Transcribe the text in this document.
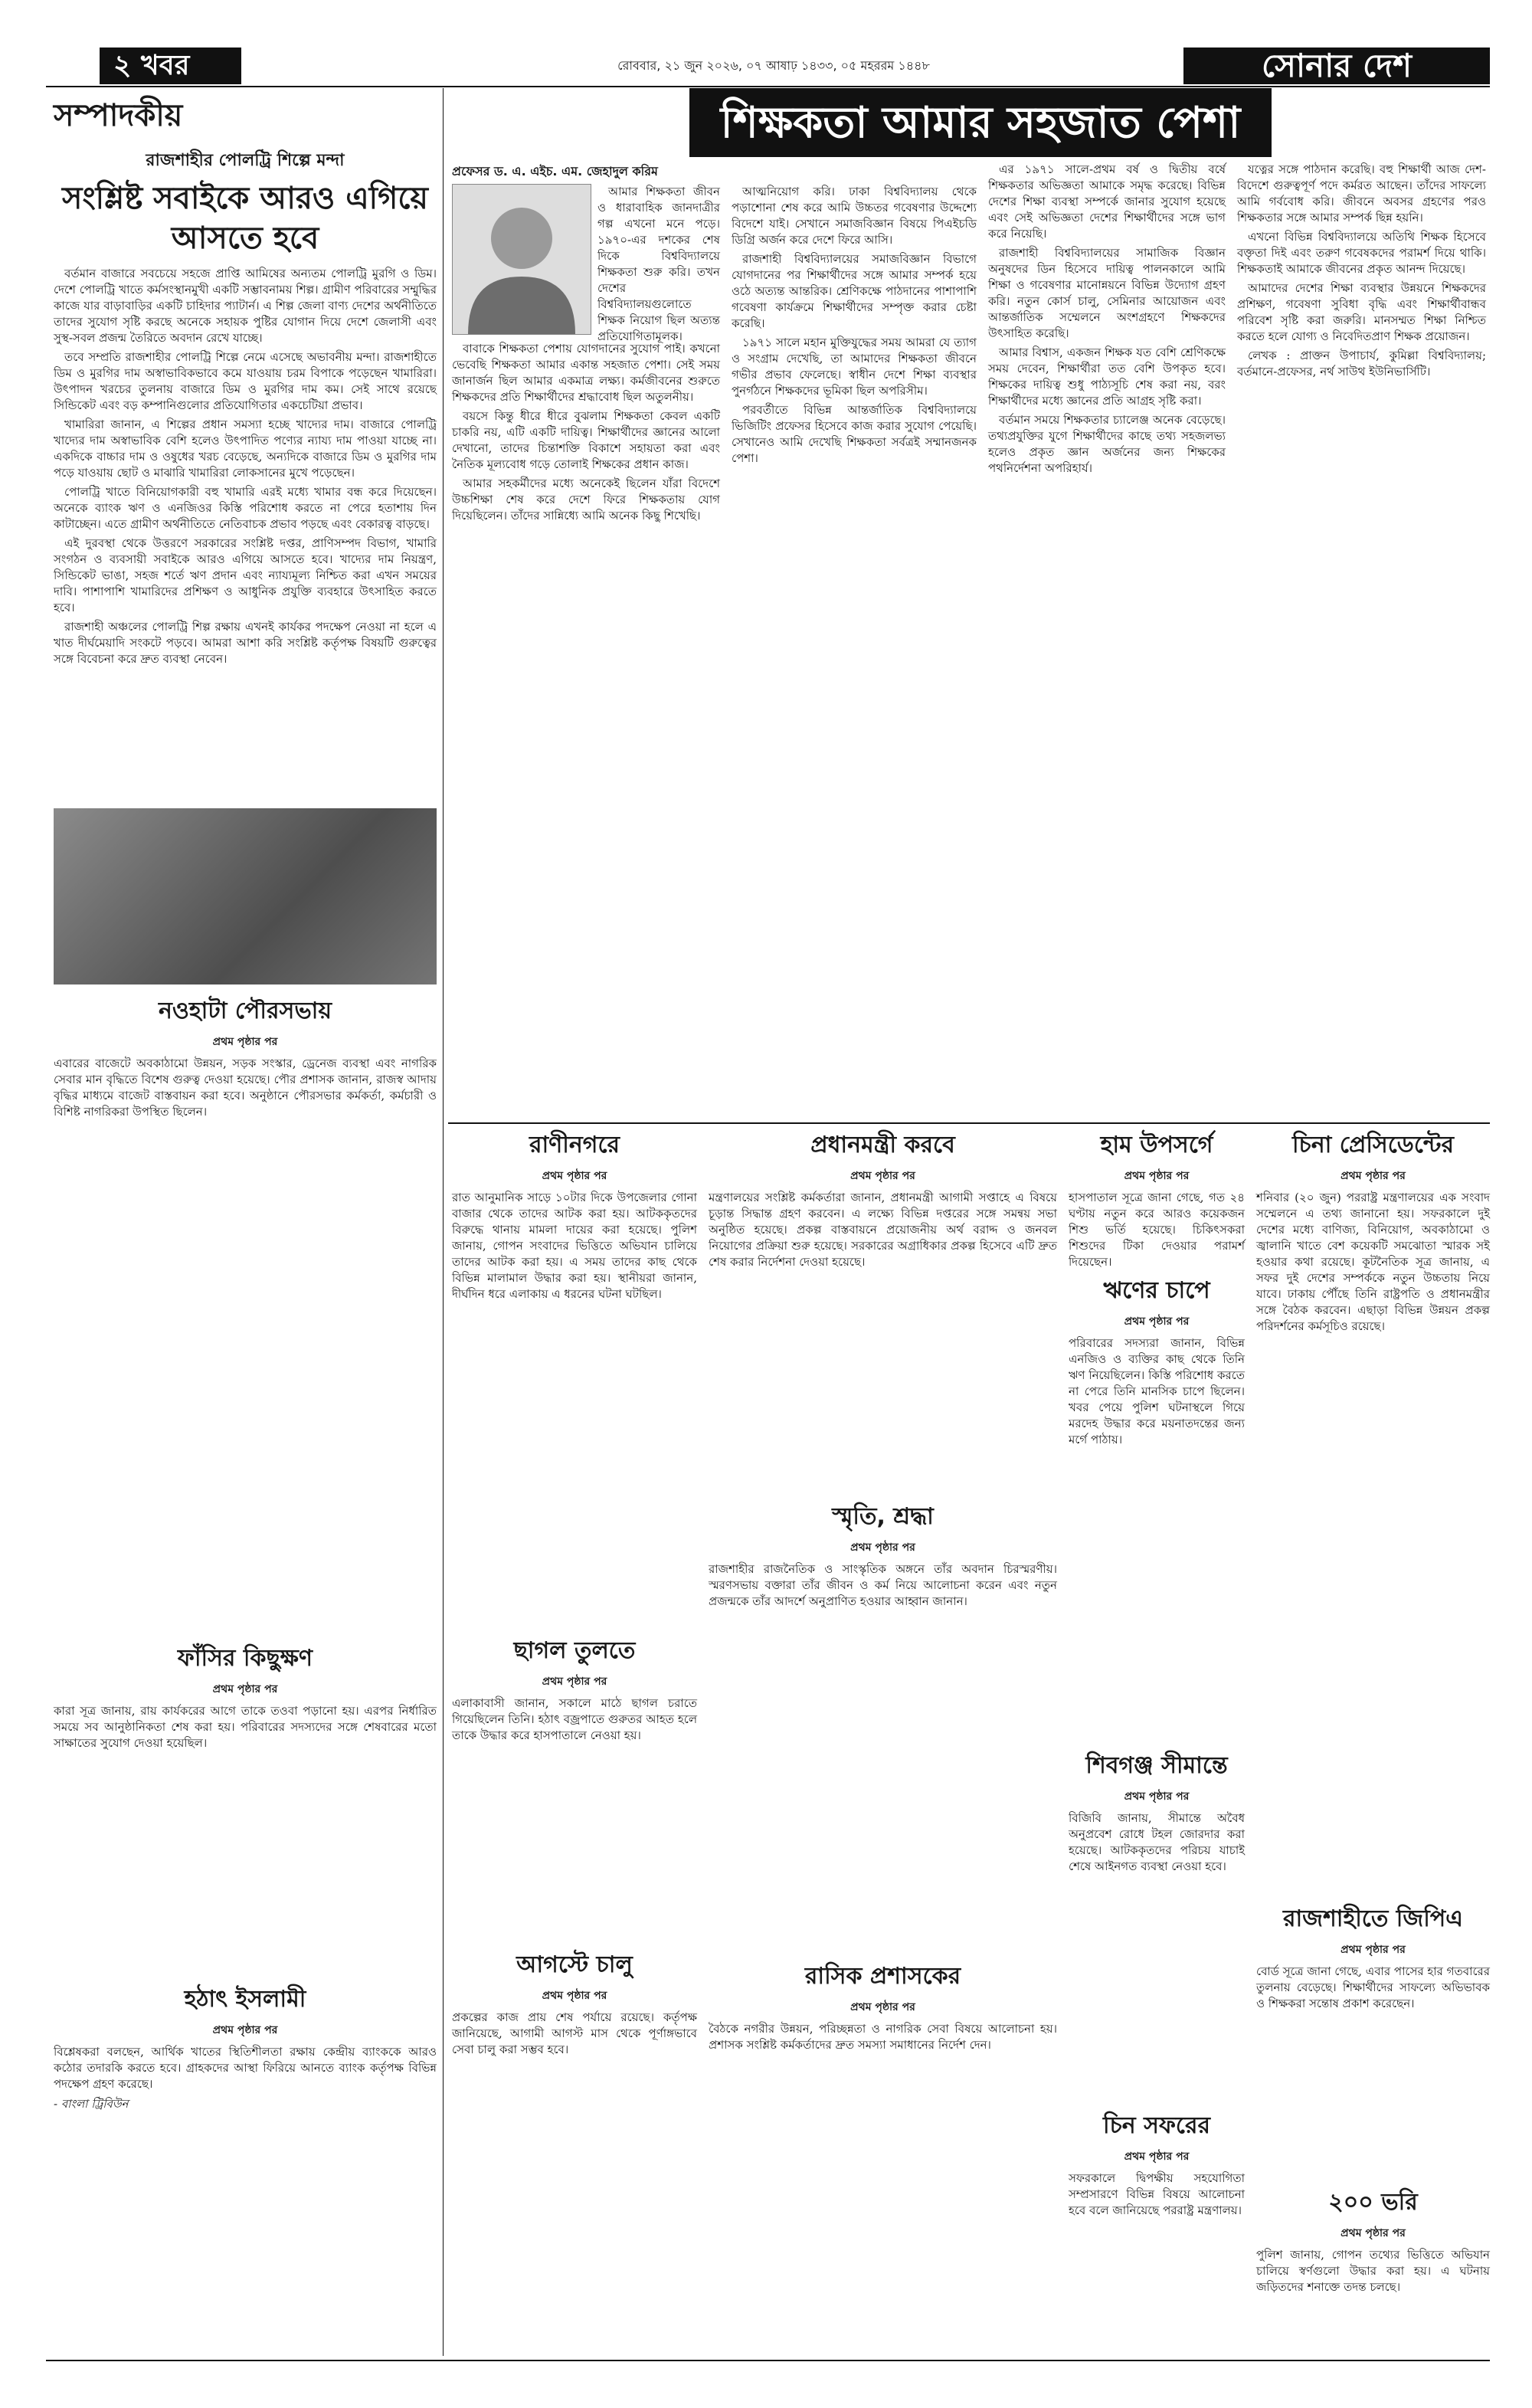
২ খবর	রোববার, ২১ জুন ২০২৬, ০৭ আষাঢ় ১৪৩৩, ০৫ মহররম ১৪৪৮	সোনার দেশ
সম্পাদকীয়
রাজশাহীর পোলট্রি শিল্পে মন্দা
সংশ্লিষ্ট সবাইকে আরও এগিয়ে আসতে হবে

বর্তমান বাজারে সবচেয়ে সহজে প্রাপ্তি আমিষের অন্যতম পোলট্রি মুরগি ও ডিম। দেশে পোলট্রি খাতে কর্মসংস্থানমুখী একটি সম্ভাবনাময় শিল্প। গ্রামীণ পরিবারের সম্মুদ্ধির কাজে যার বাড়াবাড়ির একটি চাহিদার প্যাটার্ন। এ শিল্প জেলা বাণ্য দেশের অর্থনীতিতে তাদের সুযোগ সৃষ্টি করছে অনেকে সহায়ক পুষ্টির যোগান দিয়ে দেশে জেলাসী এবং সুস্থ-সবল প্রজন্ম তৈরিতে অবদান রেখে যাচ্ছে।

তবে সম্প্রতি রাজশাহীর পোলট্রি শিল্পে নেমে এসেছে অভাবনীয় মন্দা। রাজশাহীতে ডিম ও মুরগির দাম অস্বাভাবিকভাবে কমে যাওয়ায় চরম বিপাকে পড়েছেন খামারিরা। উৎপাদন খরচের তুলনায় বাজারে ডিম ও মুরগির দাম কম। সেই সাথে রয়েছে সিন্ডিকেট এবং বড় কম্পানিগুলোর প্রতিযোগিতার একচেটিয়া প্রভাব।

খামারিরা জানান, এ শিল্পের প্রধান সমস্যা হচ্ছে খাদ্যের দাম। বাজারে পোলট্রি খাদ্যের দাম অস্বাভাবিক বেশি হলেও উৎপাদিত পণ্যের ন্যায্য দাম পাওয়া যাচ্ছে না। একদিকে বাচ্চার দাম ও ওষুধের খরচ বেড়েছে, অন্যদিকে বাজারে ডিম ও মুরগির দাম পড়ে যাওয়ায় ছোট ও মাঝারি খামারিরা লোকসানের মুখে পড়েছেন।

পোলট্রি খাতে বিনিয়োগকারী বহু খামারি এরই মধ্যে খামার বন্ধ করে দিয়েছেন। অনেকে ব্যাংক ঋণ ও এনজিওর কিস্তি পরিশোধ করতে না পেরে হতাশায় দিন কাটাচ্ছেন। এতে গ্রামীণ অর্থনীতিতে নেতিবাচক প্রভাব পড়ছে এবং বেকারত্ব বাড়ছে।

এই দুরবস্থা থেকে উত্তরণে সরকারের সংশ্লিষ্ট দপ্তর, প্রাণিসম্পদ বিভাগ, খামারি সংগঠন ও ব্যবসায়ী সবাইকে আরও এগিয়ে আসতে হবে। খাদ্যের দাম নিয়ন্ত্রণ, সিন্ডিকেট ভাঙা, সহজ শর্তে ঋণ প্রদান এবং ন্যায্যমূল্য নিশ্চিত করা এখন সময়ের দাবি। পাশাপাশি খামারিদের প্রশিক্ষণ ও আধুনিক প্রযুক্তি ব্যবহারে উৎসাহিত করতে হবে।

রাজশাহী অঞ্চলের পোলট্রি শিল্প রক্ষায় এখনই কার্যকর পদক্ষেপ নেওয়া না হলে এ খাত দীর্ঘমেয়াদি সংকটে পড়বে। আমরা আশা করি সংশ্লিষ্ট কর্তৃপক্ষ বিষয়টি গুরুত্বের সঙ্গে বিবেচনা করে দ্রুত ব্যবস্থা নেবেন।

শিক্ষকতা আমার সহজাত পেশা
প্রফেসর ড. এ. এইচ. এম. জেহাদুল করিম

আমার শিক্ষকতা জীবন ও ধারাবাহিক জানদাত্রীর গল্প এখনো মনে পড়ে। ১৯৭০-এর দশকের শেষ দিকে বিশ্ববিদ্যালয়ে শিক্ষকতা শুরু করি। তখন দেশের বিশ্ববিদ্যালয়গুলোতে শিক্ষক নিয়োগ ছিল অত্যন্ত প্রতিযোগিতামূলক।

বাবাকে শিক্ষকতা পেশায় যোগদানের সুযোগ পাই। কখনো ভেবেছি শিক্ষকতা আমার একান্ত সহজাত পেশা। সেই সময় জানার্জন ছিল আমার একমাত্র লক্ষ্য। কর্মজীবনের শুরুতে শিক্ষকদের প্রতি শিক্ষার্থীদের শ্রদ্ধাবোধ ছিল অতুলনীয়।

বয়সে কিন্তু ধীরে ধীরে বুঝলাম শিক্ষকতা কেবল একটি চাকরি নয়, এটি একটি দায়িত্ব। শিক্ষার্থীদের জ্ঞানের আলো দেখানো, তাদের চিন্তাশক্তি বিকাশে সহায়তা করা এবং নৈতিক মূল্যবোধ গড়ে তোলাই শিক্ষকের প্রধান কাজ।

আমার সহকর্মীদের মধ্যে অনেকেই ছিলেন যাঁরা বিদেশে উচ্চশিক্ষা শেষ করে দেশে ফিরে শিক্ষকতায় যোগ দিয়েছিলেন। তাঁদের সান্নিধ্যে আমি অনেক কিছু শিখেছি।

আত্মনিয়োগ করি। ঢাকা বিশ্ববিদ্যালয় থেকে পড়াশোনা শেষ করে আমি উচ্চতর গবেষণার উদ্দেশ্যে বিদেশে যাই। সেখানে সমাজবিজ্ঞান বিষয়ে পিএইচডি ডিগ্রি অর্জন করে দেশে ফিরে আসি।

রাজশাহী বিশ্ববিদ্যালয়ের সমাজবিজ্ঞান বিভাগে যোগদানের পর শিক্ষার্থীদের সঙ্গে আমার সম্পর্ক হয়ে ওঠে অত্যন্ত আন্তরিক। শ্রেণিকক্ষে পাঠদানের পাশাপাশি গবেষণা কার্যক্রমে শিক্ষার্থীদের সম্পৃক্ত করার চেষ্টা করেছি।

১৯৭১ সালে মহান মুক্তিযুদ্ধের সময় আমরা যে ত্যাগ ও সংগ্রাম দেখেছি, তা আমাদের শিক্ষকতা জীবনে গভীর প্রভাব ফেলেছে। স্বাধীন দেশে শিক্ষা ব্যবস্থার পুনর্গঠনে শিক্ষকদের ভূমিকা ছিল অপরিসীম।

পরবর্তীতে বিভিন্ন আন্তর্জাতিক বিশ্ববিদ্যালয়ে ভিজিটিং প্রফেসর হিসেবে কাজ করার সুযোগ পেয়েছি। সেখানেও আমি দেখেছি শিক্ষকতা সর্বত্রই সম্মানজনক পেশা।

এর ১৯৭১ সালে-প্রথম বর্ষ ও দ্বিতীয় বর্ষে শিক্ষকতার অভিজ্ঞতা আমাকে সমৃদ্ধ করেছে। বিভিন্ন দেশের শিক্ষা ব্যবস্থা সম্পর্কে জানার সুযোগ হয়েছে এবং সেই অভিজ্ঞতা দেশের শিক্ষার্থীদের সঙ্গে ভাগ করে নিয়েছি।

রাজশাহী বিশ্ববিদ্যালয়ের সামাজিক বিজ্ঞান অনুষদের ডিন হিসেবে দায়িত্ব পালনকালে আমি শিক্ষা ও গবেষণার মানোন্নয়নে বিভিন্ন উদ্যোগ গ্রহণ করি। নতুন কোর্স চালু, সেমিনার আয়োজন এবং আন্তর্জাতিক সম্মেলনে অংশগ্রহণে শিক্ষকদের উৎসাহিত করেছি।

আমার বিশ্বাস, একজন শিক্ষক যত বেশি শ্রেণিকক্ষে সময় দেবেন, শিক্ষার্থীরা তত বেশি উপকৃত হবে। শিক্ষকের দায়িত্ব শুধু পাঠ্যসূচি শেষ করা নয়, বরং শিক্ষার্থীদের মধ্যে জ্ঞানের প্রতি আগ্রহ সৃষ্টি করা।

বর্তমান সময়ে শিক্ষকতার চ্যালেঞ্জ অনেক বেড়েছে। তথ্যপ্রযুক্তির যুগে শিক্ষার্থীদের কাছে তথ্য সহজলভ্য হলেও প্রকৃত জ্ঞান অর্জনের জন্য শিক্ষকের পথনির্দেশনা অপরিহার্য।

যত্নের সঙ্গে পাঠদান করেছি। বহু শিক্ষার্থী আজ দেশ-বিদেশে গুরুত্বপূর্ণ পদে কর্মরত আছেন। তাঁদের সাফল্যে আমি গর্ববোধ করি। জীবনে অবসর গ্রহণের পরও শিক্ষকতার সঙ্গে আমার সম্পর্ক ছিন্ন হয়নি।

এখনো বিভিন্ন বিশ্ববিদ্যালয়ে অতিথি শিক্ষক হিসেবে বক্তৃতা দিই এবং তরুণ গবেষকদের পরামর্শ দিয়ে থাকি। শিক্ষকতাই আমাকে জীবনের প্রকৃত আনন্দ দিয়েছে।

আমাদের দেশের শিক্ষা ব্যবস্থার উন্নয়নে শিক্ষকদের প্রশিক্ষণ, গবেষণা সুবিধা বৃদ্ধি এবং শিক্ষার্থীবান্ধব পরিবেশ সৃষ্টি করা জরুরি। মানসম্মত শিক্ষা নিশ্চিত করতে হলে যোগ্য ও নিবেদিতপ্রাণ শিক্ষক প্রয়োজন।

লেখক : প্রাক্তন উপাচার্য, কুমিল্লা বিশ্ববিদ্যালয়; বর্তমানে-প্রফেসর, নর্থ সাউথ ইউনিভার্সিটি।

নওহাটা পৌরসভায়
প্রথম পৃষ্ঠার পর
এবারের বাজেটে অবকাঠামো উন্নয়ন, সড়ক সংস্কার, ড্রেনেজ ব্যবস্থা এবং নাগরিক সেবার মান বৃদ্ধিতে বিশেষ গুরুত্ব দেওয়া হয়েছে। পৌর প্রশাসক জানান, রাজস্ব আদায় বৃদ্ধির মাধ্যমে বাজেট বাস্তবায়ন করা হবে। অনুষ্ঠানে পৌরসভার কর্মকর্তা, কর্মচারী ও বিশিষ্ট নাগরিকরা উপস্থিত ছিলেন।
ফাঁসির কিছুক্ষণ
প্রথম পৃষ্ঠার পর
কারা সূত্র জানায়, রায় কার্যকরের আগে তাকে তওবা পড়ানো হয়। এরপর নির্ধারিত সময়ে সব আনুষ্ঠানিকতা শেষ করা হয়। পরিবারের সদস্যদের সঙ্গে শেষবারের মতো সাক্ষাতের সুযোগ দেওয়া হয়েছিল।
হঠাৎ ইসলামী
প্রথম পৃষ্ঠার পর
বিশ্লেষকরা বলছেন, আর্থিক খাতের স্থিতিশীলতা রক্ষায় কেন্দ্রীয় ব্যাংককে আরও কঠোর তদারকি করতে হবে। গ্রাহকদের আস্থা ফিরিয়ে আনতে ব্যাংক কর্তৃপক্ষ বিভিন্ন পদক্ষেপ গ্রহণ করেছে।
- বাংলা ট্রিবিউন
রাণীনগরে
প্রথম পৃষ্ঠার পর
রাত আনুমানিক সাড়ে ১০টার দিকে উপজেলার গোনা বাজার থেকে তাদের আটক করা হয়। আটককৃতদের বিরুদ্ধে থানায় মামলা দায়ের করা হয়েছে। পুলিশ জানায়, গোপন সংবাদের ভিত্তিতে অভিযান চালিয়ে তাদের আটক করা হয়। এ সময় তাদের কাছ থেকে বিভিন্ন মালামাল উদ্ধার করা হয়। স্থানীয়রা জানান, দীর্ঘদিন ধরে এলাকায় এ ধরনের ঘটনা ঘটছিল।
ছাগল তুলতে
প্রথম পৃষ্ঠার পর
এলাকাবাসী জানান, সকালে মাঠে ছাগল চরাতে গিয়েছিলেন তিনি। হঠাৎ বজ্রপাতে গুরুতর আহত হলে তাকে উদ্ধার করে হাসপাতালে নেওয়া হয়।
আগস্টে চালু
প্রথম পৃষ্ঠার পর
প্রকল্পের কাজ প্রায় শেষ পর্যায়ে রয়েছে। কর্তৃপক্ষ জানিয়েছে, আগামী আগস্ট মাস থেকে পূর্ণাঙ্গভাবে সেবা চালু করা সম্ভব হবে।
প্রধানমন্ত্রী করবে
প্রথম পৃষ্ঠার পর
মন্ত্রণালয়ের সংশ্লিষ্ট কর্মকর্তারা জানান, প্রধানমন্ত্রী আগামী সপ্তাহে এ বিষয়ে চূড়ান্ত সিদ্ধান্ত গ্রহণ করবেন। এ লক্ষ্যে বিভিন্ন দপ্তরের সঙ্গে সমন্বয় সভা অনুষ্ঠিত হয়েছে। প্রকল্প বাস্তবায়নে প্রয়োজনীয় অর্থ বরাদ্দ ও জনবল নিয়োগের প্রক্রিয়া শুরু হয়েছে। সরকারের অগ্রাধিকার প্রকল্প হিসেবে এটি দ্রুত শেষ করার নির্দেশনা দেওয়া হয়েছে।
স্মৃতি, শ্রদ্ধা
প্রথম পৃষ্ঠার পর
রাজশাহীর রাজনৈতিক ও সাংস্কৃতিক অঙ্গনে তাঁর অবদান চিরস্মরণীয়। স্মরণসভায় বক্তারা তাঁর জীবন ও কর্ম নিয়ে আলোচনা করেন এবং নতুন প্রজন্মকে তাঁর আদর্শে অনুপ্রাণিত হওয়ার আহ্বান জানান।
রাসিক প্রশাসকের
প্রথম পৃষ্ঠার পর
বৈঠকে নগরীর উন্নয়ন, পরিচ্ছন্নতা ও নাগরিক সেবা বিষয়ে আলোচনা হয়। প্রশাসক সংশ্লিষ্ট কর্মকর্তাদের দ্রুত সমস্যা সমাধানের নির্দেশ দেন।
হাম উপসর্গে
প্রথম পৃষ্ঠার পর
হাসপাতাল সূত্রে জানা গেছে, গত ২৪ ঘণ্টায় নতুন করে আরও কয়েকজন শিশু ভর্তি হয়েছে। চিকিৎসকরা শিশুদের টিকা দেওয়ার পরামর্শ দিয়েছেন।
ঋণের চাপে
প্রথম পৃষ্ঠার পর
পরিবারের সদস্যরা জানান, বিভিন্ন এনজিও ও ব্যক্তির কাছ থেকে তিনি ঋণ নিয়েছিলেন। কিস্তি পরিশোধ করতে না পেরে তিনি মানসিক চাপে ছিলেন। খবর পেয়ে পুলিশ ঘটনাস্থলে গিয়ে মরদেহ উদ্ধার করে ময়নাতদন্তের জন্য মর্গে পাঠায়।
শিবগঞ্জ সীমান্তে
প্রথম পৃষ্ঠার পর
বিজিবি জানায়, সীমান্তে অবৈধ অনুপ্রবেশ রোধে টহল জোরদার করা হয়েছে। আটককৃতদের পরিচয় যাচাই শেষে আইনগত ব্যবস্থা নেওয়া হবে।
চিন সফরের
প্রথম পৃষ্ঠার পর
সফরকালে দ্বিপক্ষীয় সহযোগিতা সম্প্রসারণে বিভিন্ন বিষয়ে আলোচনা হবে বলে জানিয়েছে পররাষ্ট্র মন্ত্রণালয়।
চিনা প্রেসিডেন্টের
প্রথম পৃষ্ঠার পর
শনিবার (২০ জুন) পররাষ্ট্র মন্ত্রণালয়ের এক সংবাদ সম্মেলনে এ তথ্য জানানো হয়। সফরকালে দুই দেশের মধ্যে বাণিজ্য, বিনিয়োগ, অবকাঠামো ও জ্বালানি খাতে বেশ কয়েকটি সমঝোতা স্মারক সই হওয়ার কথা রয়েছে। কূটনৈতিক সূত্র জানায়, এ সফর দুই দেশের সম্পর্ককে নতুন উচ্চতায় নিয়ে যাবে। ঢাকায় পৌঁছে তিনি রাষ্ট্রপতি ও প্রধানমন্ত্রীর সঙ্গে বৈঠক করবেন। এছাড়া বিভিন্ন উন্নয়ন প্রকল্প পরিদর্শনের কর্মসূচিও রয়েছে।
রাজশাহীতে জিপিএ
প্রথম পৃষ্ঠার পর
বোর্ড সূত্রে জানা গেছে, এবার পাসের হার গতবারের তুলনায় বেড়েছে। শিক্ষার্থীদের সাফল্যে অভিভাবক ও শিক্ষকরা সন্তোষ প্রকাশ করেছেন।
২০০ ভরি
প্রথম পৃষ্ঠার পর
পুলিশ জানায়, গোপন তথ্যের ভিত্তিতে অভিযান চালিয়ে স্বর্ণগুলো উদ্ধার করা হয়। এ ঘটনায় জড়িতদের শনাক্তে তদন্ত চলছে।
